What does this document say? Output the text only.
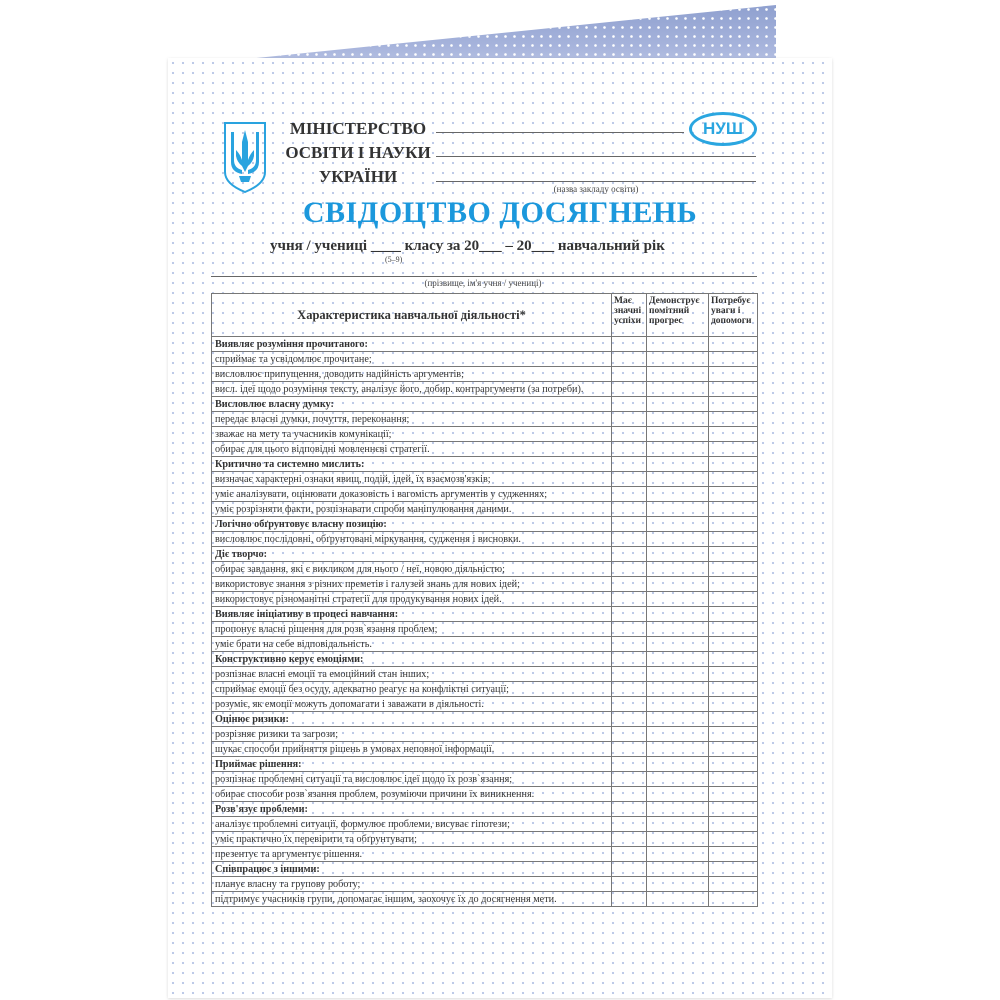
МІНІСТЕРСТВО
ОСВІТИ І НАУКИ
УКРАЇНИ
(назва закладу освіти)
НУШ
СВІДОЦТВО ДОСЯГНЕНЬ
учня / учениці ____ класу за 20___ – 20___ навчальний рік
(5–9)
(прізвище, ім'я учня / учениці)
Характеристика навчальної діяльності*	Має значні успіхи	Демонструє помітний прогрес	Потребує уваги і допомоги
Виявляє розуміння прочитаного:			
сприймає та усвідомлює прочитане;			
висловлює припущення, доводить надійність аргументів;			
висл. ідеї щодо розуміння тексту, аналізує його, добир. контраргументи (за потреби).			
Висловлює власну думку:			
передає власні думки, почуття, переконання;			
зважає на мету та учасників комунікації;			
обирає для цього відповідні мовленнєві стратегії.			
Критично та системно мислить:			
визначає характерні ознаки явищ, подій, ідей, їх взаємозв'язків;			
уміє аналізувати, оцінювати доказовість і вагомість аргументів у судженнях;			
уміє розрізняти факти, розпізнавати спроби маніпулювання даними.			
Логічно обґрунтовує власну позицію:			
висловлює послідовні, обґрунтовані міркування, судження і висновки.			
Діє творчо:			
обирає завдання, які є викликом для нього / неї, новою діяльністю;			
використовує знання з різних преметів і галузей знань для нових ідей;			
використовує різноманітні стратегії для продукування нових ідей.			
Виявляє ініціативу в процесі навчання:			
пропонує власні рішення для розв`язання проблем;			
уміє брати на себе відповідальність.			
Конструктивно керує емоціями:			
розпізнає власні емоції та емоційний стан інших;			
сприймає емоції без осуду, адекватно реагує на конфліктні ситуації;			
розуміє, як емоції можуть допомагати і заважати в діяльності.			
Оцінює ризики:			
розрізняє ризики та загрози;			
шукає способи прийняття рішень в умовах неповної інформації.			
Приймає рішення:			
розпізнає проблемні ситуації та висловлює ідеї щодо їх розв`язання;			
обирає способи розв`язання проблем, розуміючи причини їх виникнення.			
Розв'язує проблеми:			
аналізує проблемні ситуації, формулює проблеми, висуває гіпотези;			
уміє практично їх перевірити та обґрунтувати;			
презентує та аргументує рішення.			
Співпрацює з іншими:			
планує власну та групову роботу;			
підтримує учасників групи, допомагає іншим, заохочує їх до досягнення мети.			
